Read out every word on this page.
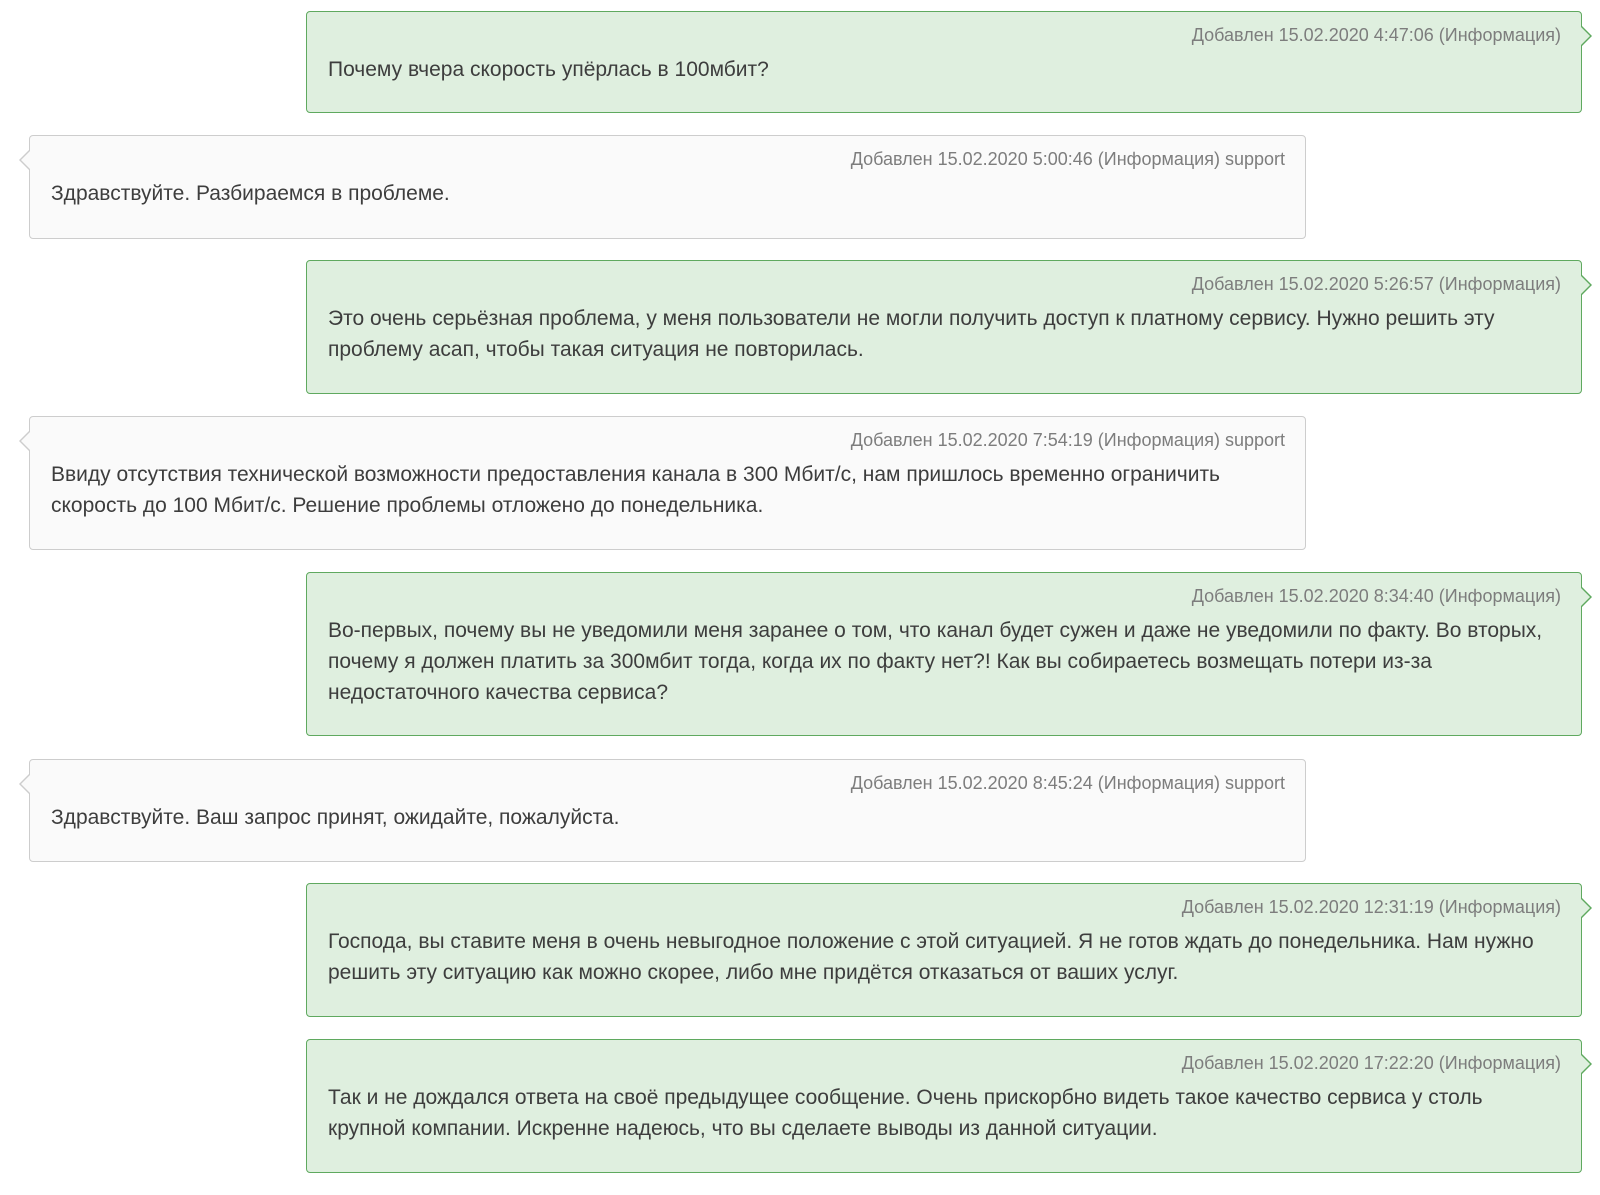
Добавлен 15.02.2020 4:47:06 (Информация)
Почему вчера скорость упёрлась в 100мбит?
Добавлен 15.02.2020 5:00:46 (Информация) support
Здравствуйте. Разбираемся в проблеме.
Добавлен 15.02.2020 5:26:57 (Информация)
Это очень серьёзная проблема, у меня пользователи не могли получить доступ к платному сервису. Нужно решить эту проблему асап, чтобы такая ситуация не повторилась.
Добавлен 15.02.2020 7:54:19 (Информация) support
Ввиду отсутствия технической возможности предоставления канала в 300 Мбит/с, нам пришлось временно ограничить скорость до 100 Мбит/с. Решение проблемы отложено до понедельника.
Добавлен 15.02.2020 8:34:40 (Информация)
Во-первых, почему вы не уведомили меня заранее о том, что канал будет сужен и даже не уведомили по факту. Во вторых, почему я должен платить за 300мбит тогда, когда их по факту нет?! Как вы собираетесь возмещать потери из-за недостаточного качества сервиса?
Добавлен 15.02.2020 8:45:24 (Информация) support
Здравствуйте. Ваш запрос принят, ожидайте, пожалуйста.
Добавлен 15.02.2020 12:31:19 (Информация)
Господа, вы ставите меня в очень невыгодное положение с этой ситуацией. Я не готов ждать до понедельника. Нам нужно решить эту ситуацию как можно скорее, либо мне придётся отказаться от ваших услуг.
Добавлен 15.02.2020 17:22:20 (Информация)
Так и не дождался ответа на своё предыдущее сообщение. Очень прискорбно видеть такое качество сервиса у столь крупной компании. Искренне надеюсь, что вы сделаете выводы из данной ситуации.
